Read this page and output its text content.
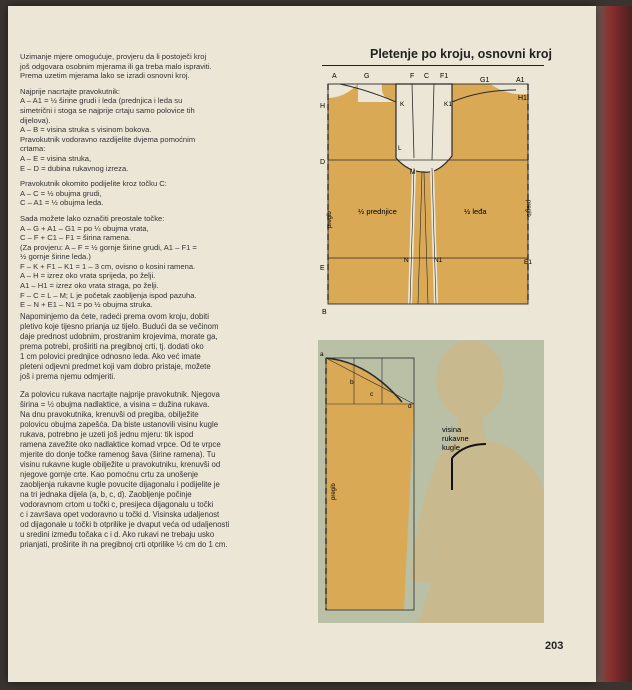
Uzimanje mjere omogućuje, provjeru da li postoječi kroj
još odgovara osobnim mjerama ili ga treba malo ispraviti.
Prema uzetim mjerama lako se izradi osnovni kroj.
Najprije nacrtajte pravokutnik:
A – A1 = ½ širine grudi i leda (prednjica i leda su
simetrični i stoga se najprije crtaju samo polovice tih
dijelova).
A – B = visina struka s visinom bokova.
Pravokutnik vodoravno razdijelite dvjema pomoćnim
crtama:
A – E = visina struka,
E – D = dubina rukavnog izreza.
Pravokutnik okomito podijelite kroz točku C:
A – C = ½ obujma grudi,
C – A1 = ½ obujma leda.
Sada možete lako označiti preostale točke:
A – G + A1 – G1 = po ¼ obujma vrata,
C – F + C1 – F1 = širina ramena.
(Za provjeru: A – F = ½ gornje širine grudi, A1 – F1 =
½ gornje širine leda.)
F – K + F1 – K1 = 1 – 3 cm, ovisno o kosini ramena.
A – H = izrez oko vrata sprijeda, po želji.
A1 – H1 = izrez oko vrata straga, po želji.
F – C = L – M; L je početak zaobljenja ispod pazuha.
E – N + E1 – N1 = po ½ obujma struka.
Napominjemo da ćete, radeći prema ovom kroju, dobiti
pletivo koje tijesno prianja uz tijelo. Budući da se večinom
daje prednost udobnim, prostranim krojevima, morate ga,
prema potrebi, proširiti na pregibnoj crti, tj. dodati oko
1 cm polovici prednjice odnosno leda. Ako već imate
pleteni odjevni predmet koji vam dobro pristaje, možete
još i prema njemu odmjeriti.
Za polovicu rukava nacrtajte najprije pravokutnik. Njegova
širina = ½ obujma nadlaktice, a visina = dužina rukava.
Na dnu pravokutnika, krenuvši od pregiba, obilježite
polovicu obujma zapešća. Da biste ustanovili visinu kugle
rukava, potrebno je uzeti još jednu mjeru: tik ispod
ramena zavežite oko nadlaktice komad vrpce. Od te vrpce
mjerite do donje točke ramenog šava (širine ramena). Tu
visinu rukavne kugle obilježite u pravokutniku, krenuvši od
njegove gornje crte. Kao pomoćnu crtu za unošenje
zaobljenja rukavne kugle povucite dijagonalu i podijelite je
na tri jednaka dijela (a, b, c, d). Zaobljenje počinje
vodoravnom crtom u točki c, presijeca dijagonalu u točki
c i završava opet vodoravno u točki d. Visinska udaljenost
od dijagonale u točki b otprilike je dvaput veća od udaljenosti
u sredini između točaka c i d. Ako rukavi ne trebaju usko
prianjati, proširite ih na pregibnoj crti otprilike ½ cm do 1 cm.
Pletenje po kroju, osnovni kroj
A	G	F C F1
G1	A1
H
H1
K	K1
L
D
M
E
E1
N	N1
B
½ prednjice	½ leđa
pregib
pregib
a
b
c
d
pregib
visina
rukavne
kugle
203
